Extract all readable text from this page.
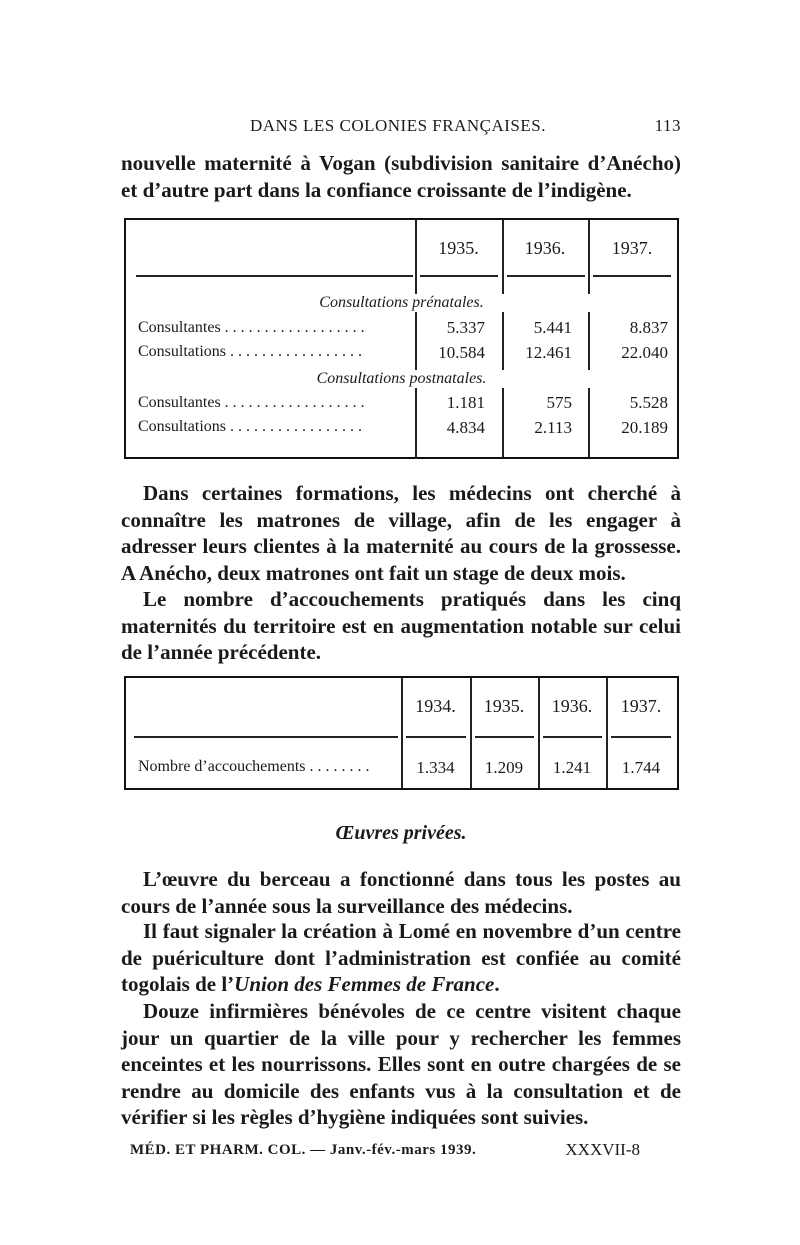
DANS LES COLONIES FRANÇAISES.	113

nouvelle maternité à Vogan (subdivision sanitaire d’Anécho) et d’autre part dans la confiance croissante de l’indigène.

1935.	1936.	1937.
Consultations prénatales.
Consultantes . . . . . . . . . . . . . . . . . .	5.337	5.441	8.837
Consultations . . . . . . . . . . . . . . . . .	10.584	12.461	22.040
Consultations postnatales.
Consultantes . . . . . . . . . . . . . . . . . .	1.181	575	5.528
Consultations . . . . . . . . . . . . . . . . .	4.834	2.113	20.189

Dans certaines formations, les médecins ont cherché à connaître les matrones de village, afin de les engager à adresser leurs clientes à la maternité au cours de la grossesse. A Anécho, deux matrones ont fait un stage de deux mois.

Le nombre d’accouchements pratiqués dans les cinq maternités du territoire est en augmentation notable sur celui de l’année précédente.

1934.	1935.	1936.	1937.
Nombre d’accouchements . . . . . . . .	1.334	1.209	1.241	1.744
Œuvres privées.

L’œuvre du berceau a fonctionné dans tous les postes au cours de l’année sous la surveillance des médecins.

Il faut signaler la création à Lomé en novembre d’un centre de puériculture dont l’administration est confiée au comité togolais de l’Union des Femmes de France.

Douze infirmières bénévoles de ce centre visitent chaque jour un quartier de la ville pour y rechercher les femmes enceintes et les nourrissons. Elles sont en outre chargées de se rendre au domicile des enfants vus à la consultation et de vérifier si les règles d’hygiène indiquées sont suivies.

MÉD. ET PHARM. COL. — Janv.-fév.-mars 1939.	XXXVII-8
